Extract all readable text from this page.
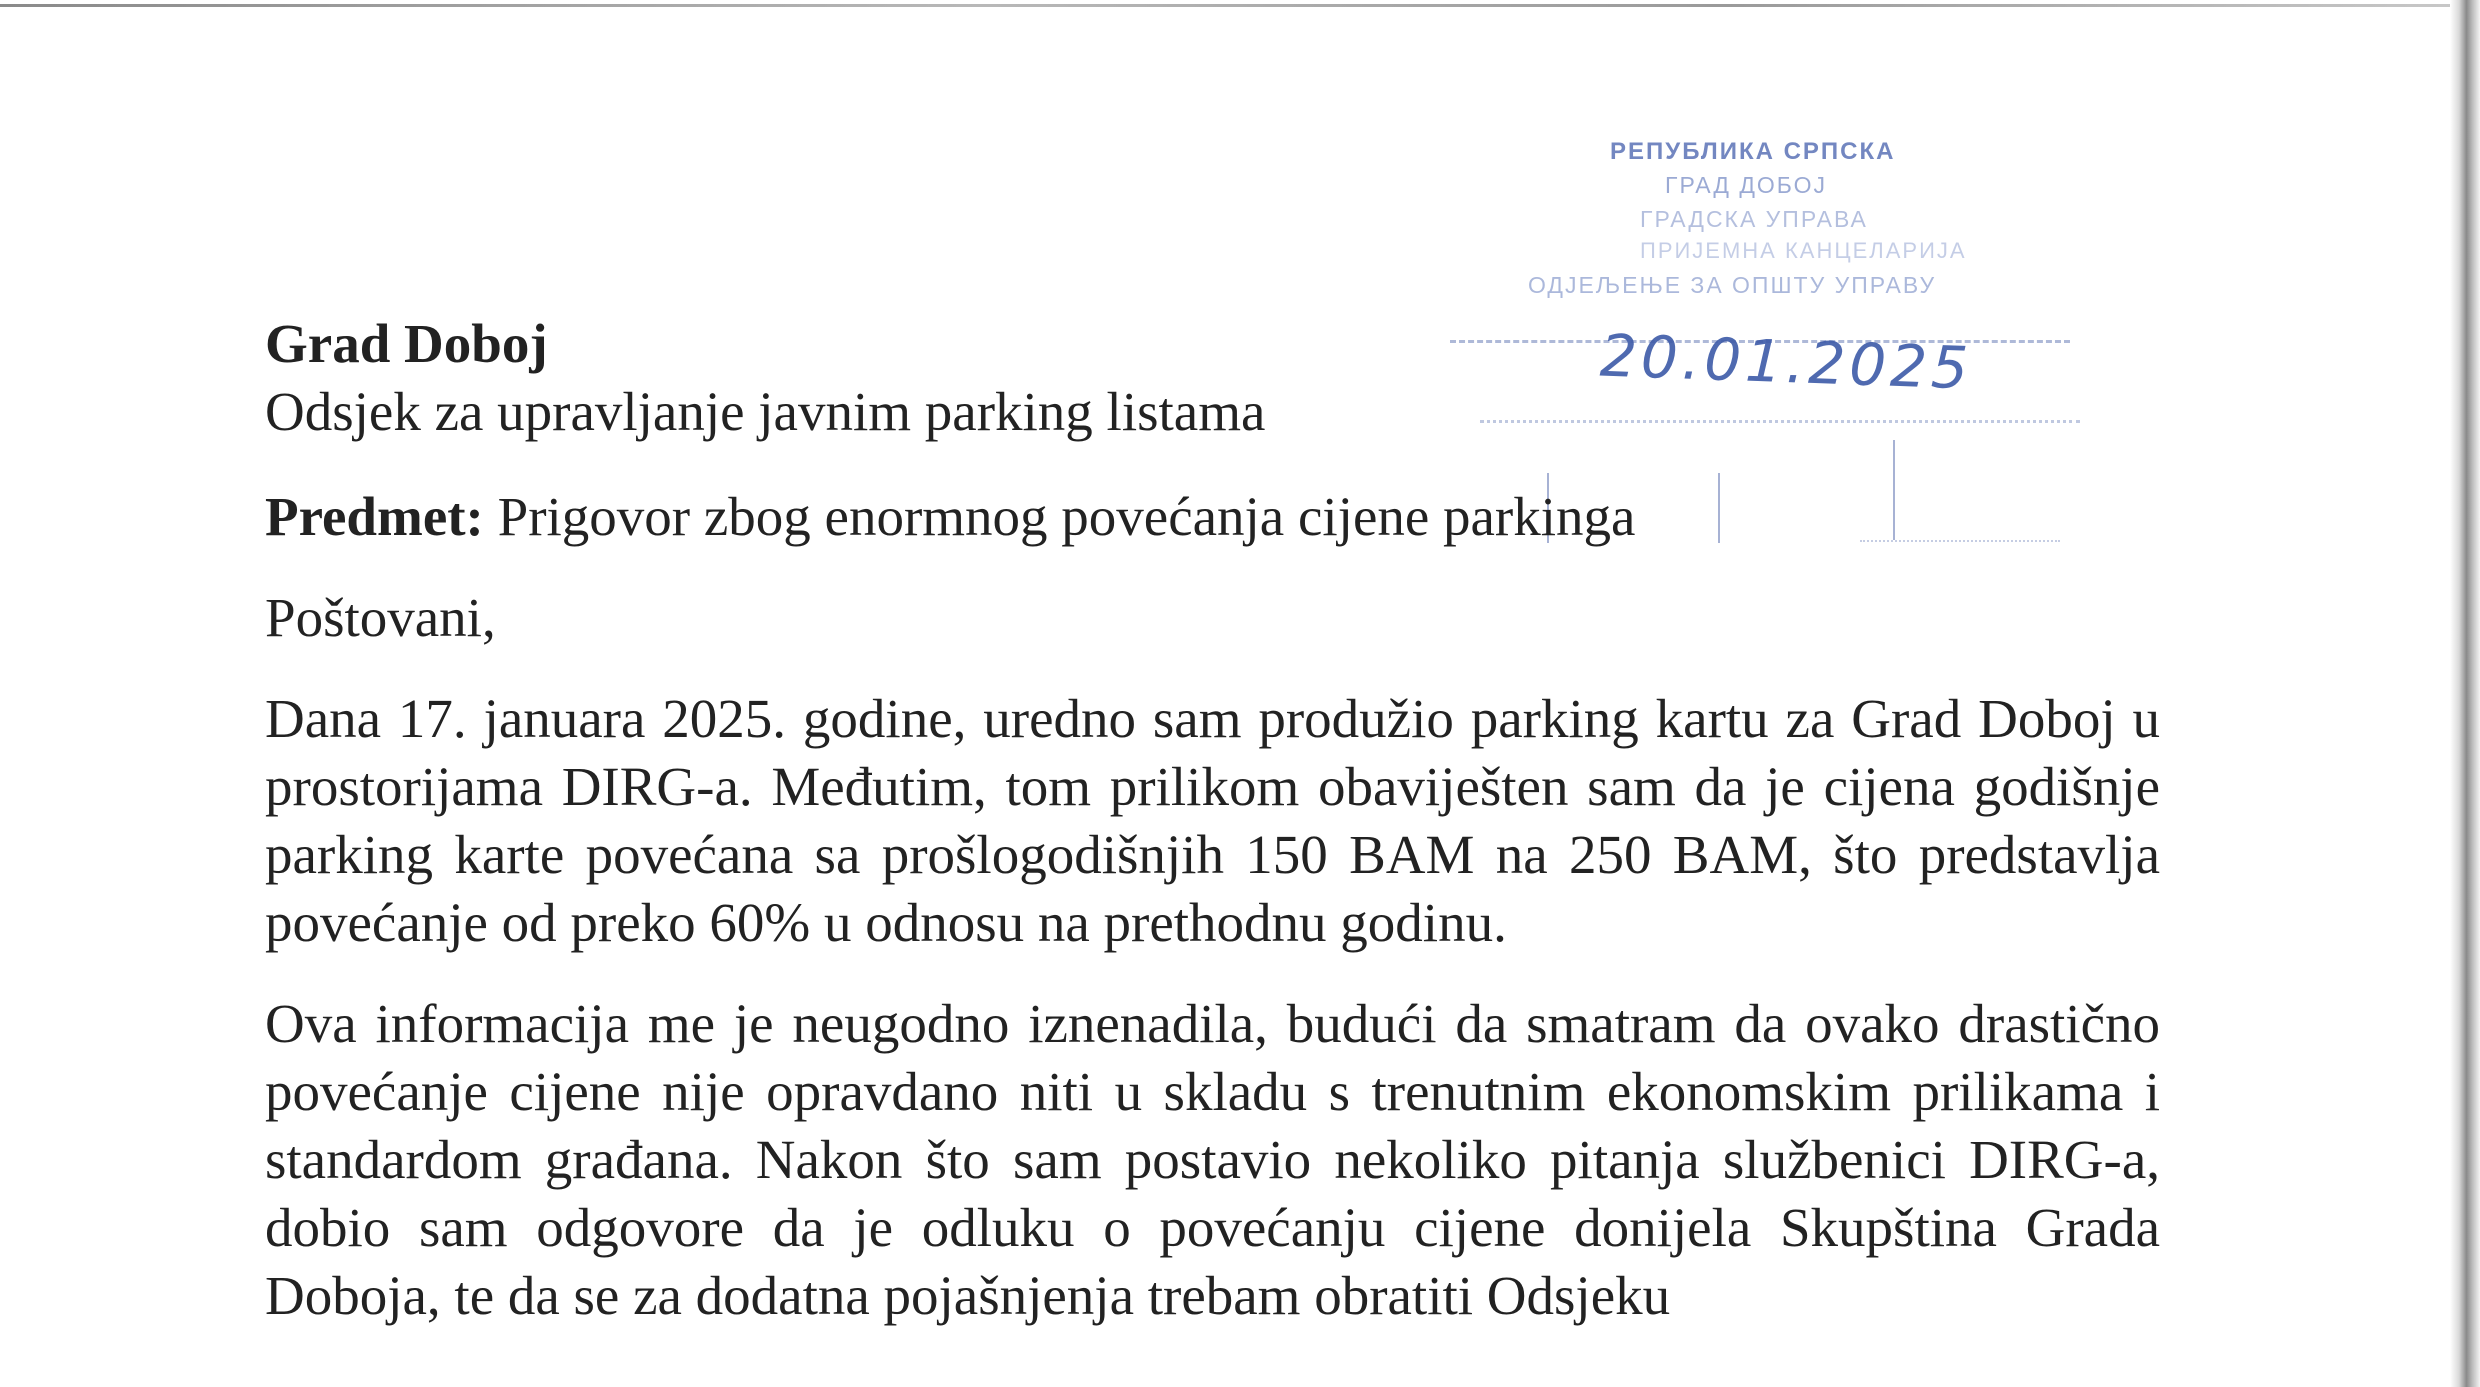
РЕПУБЛИКА СРПСКА
ГРАД ДОБОЈ
ГРАДСКА УПРАВА
ПРИЈЕМНА КАНЦЕЛАРИЈА
ОДЈЕЉЕЊЕ ЗА ОПШТУ УПРАВУ
20.01.2025

Grad Doboj

Odsjek za upravljanje javnim parking listama

Predmet: Prigovor zbog enormnog povećanja cijene parkinga

Poštovani,

Dana 17. januara 2025. godine, uredno sam produžio parking kartu za Grad Doboj u prostorijama DIRG-a. Međutim, tom prilikom obaviješten sam da je cijena godišnje parking karte povećana sa prošlogodišnjih 150 BAM na 250 BAM, što predstavlja povećanje od preko 60% u odnosu na prethodnu godinu.

Ova informacija me je neugodno iznenadila, budući da smatram da ovako drastično povećanje cijene nije opravdano niti u skladu s trenutnim ekonomskim prilikama i standardom građana. Nakon što sam postavio nekoliko pitanja službenici DIRG-a, dobio sam odgovore da je odluku o povećanju cijene donijela Skupština Grada Doboja, te da se za dodatna pojašnjenja trebam obratiti Odsjeku
